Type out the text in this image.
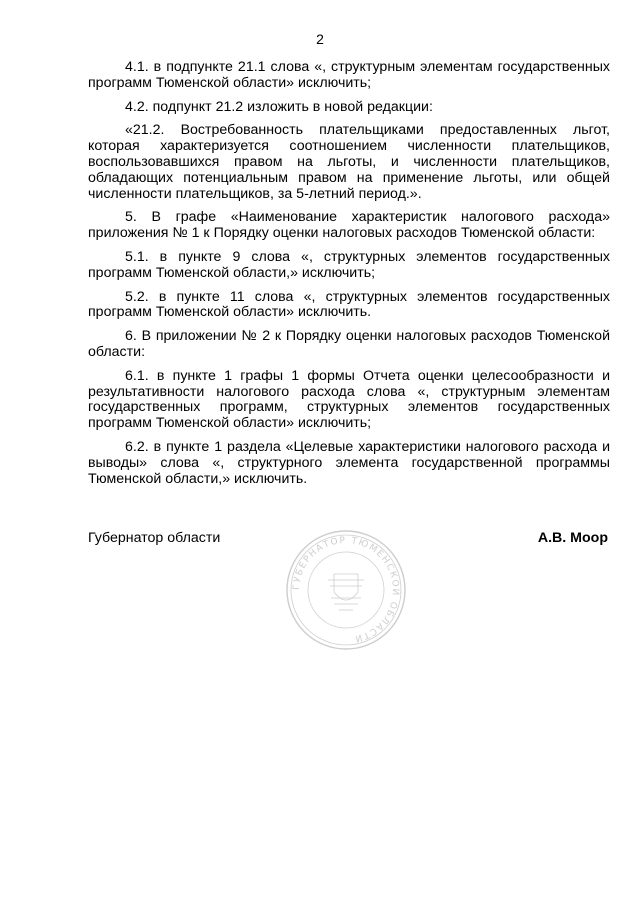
2

4.1. в подпункте 21.1 слова «, структурным элементам государственных программ Тюменской области» исключить;

4.2. подпункт 21.2 изложить в новой редакции:

«21.2. Востребованность плательщиками предоставленных льгот, которая характеризуется соотношением численности плательщиков, воспользовавшихся правом на льготы, и численности плательщиков, обладающих потенциальным правом на применение льготы, или общей численности плательщиков, за 5-летний период.».

5. В графе «Наименование характеристик налогового расхода» приложения № 1 к Порядку оценки налоговых расходов Тюменской области:

5.1. в пункте 9 слова «, структурных элементов государственных программ Тюменской области,» исключить;

5.2. в пункте 11 слова «, структурных элементов государственных программ Тюменской области» исключить.

6. В приложении № 2 к Порядку оценки налоговых расходов Тюменской области:

6.1. в пункте 1 графы 1 формы Отчета оценки целесообразности и результативности налогового расхода слова «, структурным элементам государственных программ, структурных элементов государственных программ Тюменской области» исключить;

6.2. в пункте 1 раздела «Целевые характеристики налогового расхода и выводы» слова «, структурного элемента государственной программы Тюменской области,» исключить.

Губернатор области
ГУБЕРНАТОР ТЮМЕНСКОЙ ОБЛАСТИ
А.В. Моор
